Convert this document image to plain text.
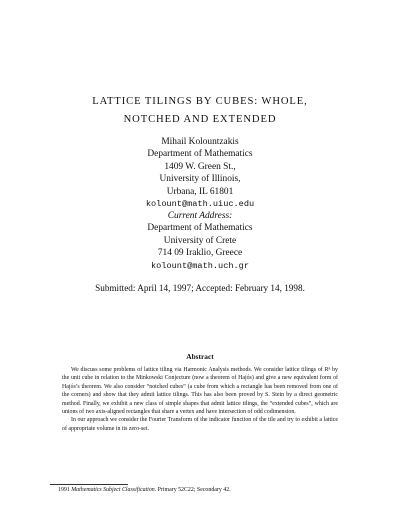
LATTICE TILINGS BY CUBES: WHOLE,
NOTCHED AND EXTENDED
Mihail Kolountzakis
Department of Mathematics
1409 W. Green St.,
University of Illinois,
Urbana, IL 61801
kolount@math.uiuc.edu
Current Address:
Department of Mathematics
University of Crete
714 09 Iraklio, Greece
kolount@math.uch.gr
Submitted: April 14, 1997; Accepted: February 14, 1998.
Abstract

We discuss some problems of lattice tiling via Harmonic Analysis methods. We consider lattice tilings of Rⁿ by the unit cube in relation to the Minkowski Conjecture (now a theorem of Hajós) and give a new equivalent form of Hajós’s theorem. We also consider “notched cubes” (a cube from which a rectangle has been removed from one of the corners) and show that they admit lattice tilings. This has also been proved by S. Stein by a direct geometric method. Finally, we exhibit a new class of simple shapes that admit lattice tilings, the “extended cubes”, which are unions of two axis-aligned rectangles that share a vertex and have intersection of odd codimension.

In our approach we consider the Fourier Transform of the indicator function of the tile and try to exhibit a lattice of appropriate volume in its zero-set.

1991 Mathematics Subject Classification. Primary 52C22; Secondary 42.
